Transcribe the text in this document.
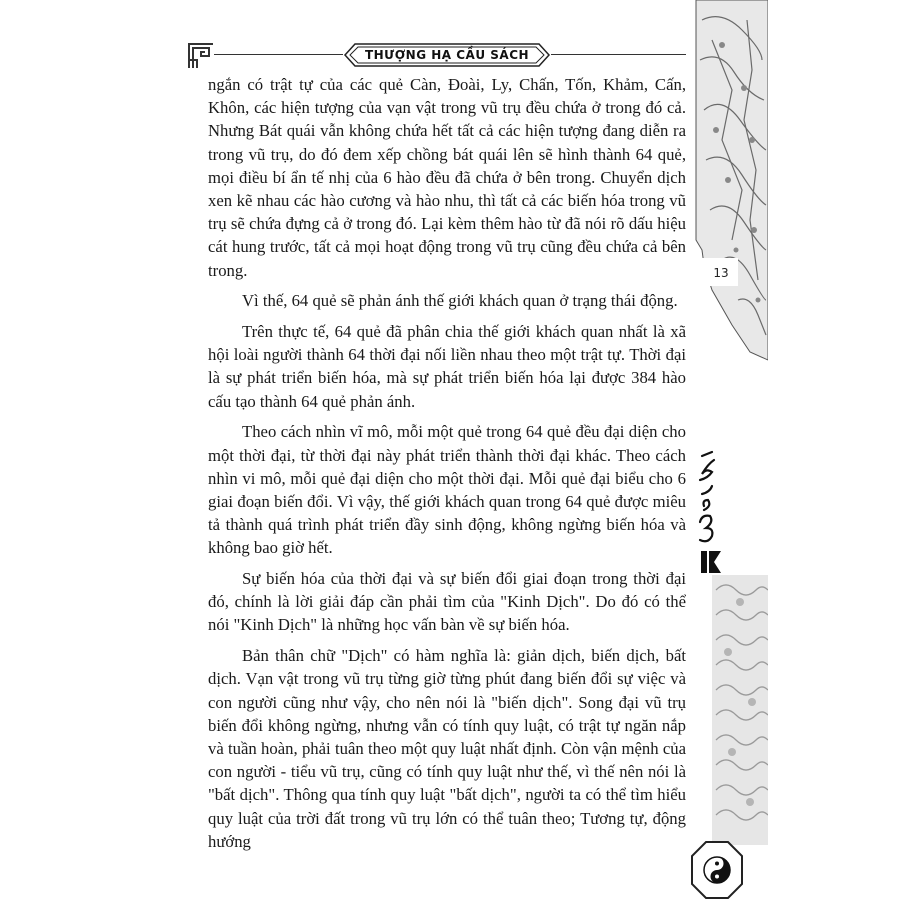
THƯỢNG HẠ CẦU SÁCH

ngắn có trật tự của các quẻ Càn, Đoài, Ly, Chấn, Tốn, Khảm, Cấn, Khôn, các hiện tượng của vạn vật trong vũ trụ đều chứa ở trong đó cả. Nhưng Bát quái vẫn không chứa hết tất cả các hiện tượng đang diễn ra trong vũ trụ, do đó đem xếp chồng bát quái lên sẽ hình thành 64 quẻ, mọi điều bí ẩn tế nhị của 6 hào đều đã chứa ở bên trong. Chuyển dịch xen kẽ nhau các hào cương và hào nhu, thì tất cả các biến hóa trong vũ trụ sẽ chứa đựng cả ở trong đó. Lại kèm thêm hào từ đã nói rõ dấu hiệu cát hung trước, tất cả mọi hoạt động trong vũ trụ cũng đều chứa cả bên trong.

Vì thế, 64 quẻ sẽ phản ánh thế giới khách quan ở trạng thái động.

Trên thực tế, 64 quẻ đã phân chia thế giới khách quan nhất là xã hội loài người thành 64 thời đại nối liền nhau theo một trật tự. Thời đại là sự phát triển biến hóa, mà sự phát triển biến hóa lại được 384 hào cấu tạo thành 64 quẻ phản ánh.

Theo cách nhìn vĩ mô, mỗi một quẻ trong 64 quẻ đều đại diện cho một thời đại, từ thời đại này phát triển thành thời đại khác. Theo cách nhìn vi mô, mỗi quẻ đại diện cho một thời đại. Mỗi quẻ đại biểu cho 6 giai đoạn biến đổi. Vì vậy, thế giới khách quan trong 64 quẻ được miêu tả thành quá trình phát triển đầy sinh động, không ngừng biến hóa và không bao giờ hết.

Sự biến hóa của thời đại và sự biến đổi giai đoạn trong thời đại đó, chính là lời giải đáp cần phải tìm của "Kinh Dịch". Do đó có thể nói "Kinh Dịch" là những học vấn bàn về sự biến hóa.

Bản thân chữ "Dịch" có hàm nghĩa là: giản dịch, biến dịch, bất dịch. Vạn vật trong vũ trụ từng giờ từng phút đang biến đổi sự việc và con người cũng như vậy, cho nên nói là "biến dịch". Song đại vũ trụ biến đổi không ngừng, nhưng vẫn có tính quy luật, có trật tự ngăn nắp và tuần hoàn, phải tuân theo một quy luật nhất định. Còn vận mệnh của con người - tiểu vũ trụ, cũng có tính quy luật như thế, vì thế nên nói là "bất dịch". Thông qua tính quy luật "bất dịch", người ta có thể tìm hiểu quy luật của trời đất trong vũ trụ lớn có thể tuân theo; Tương tự, động hướng

13
